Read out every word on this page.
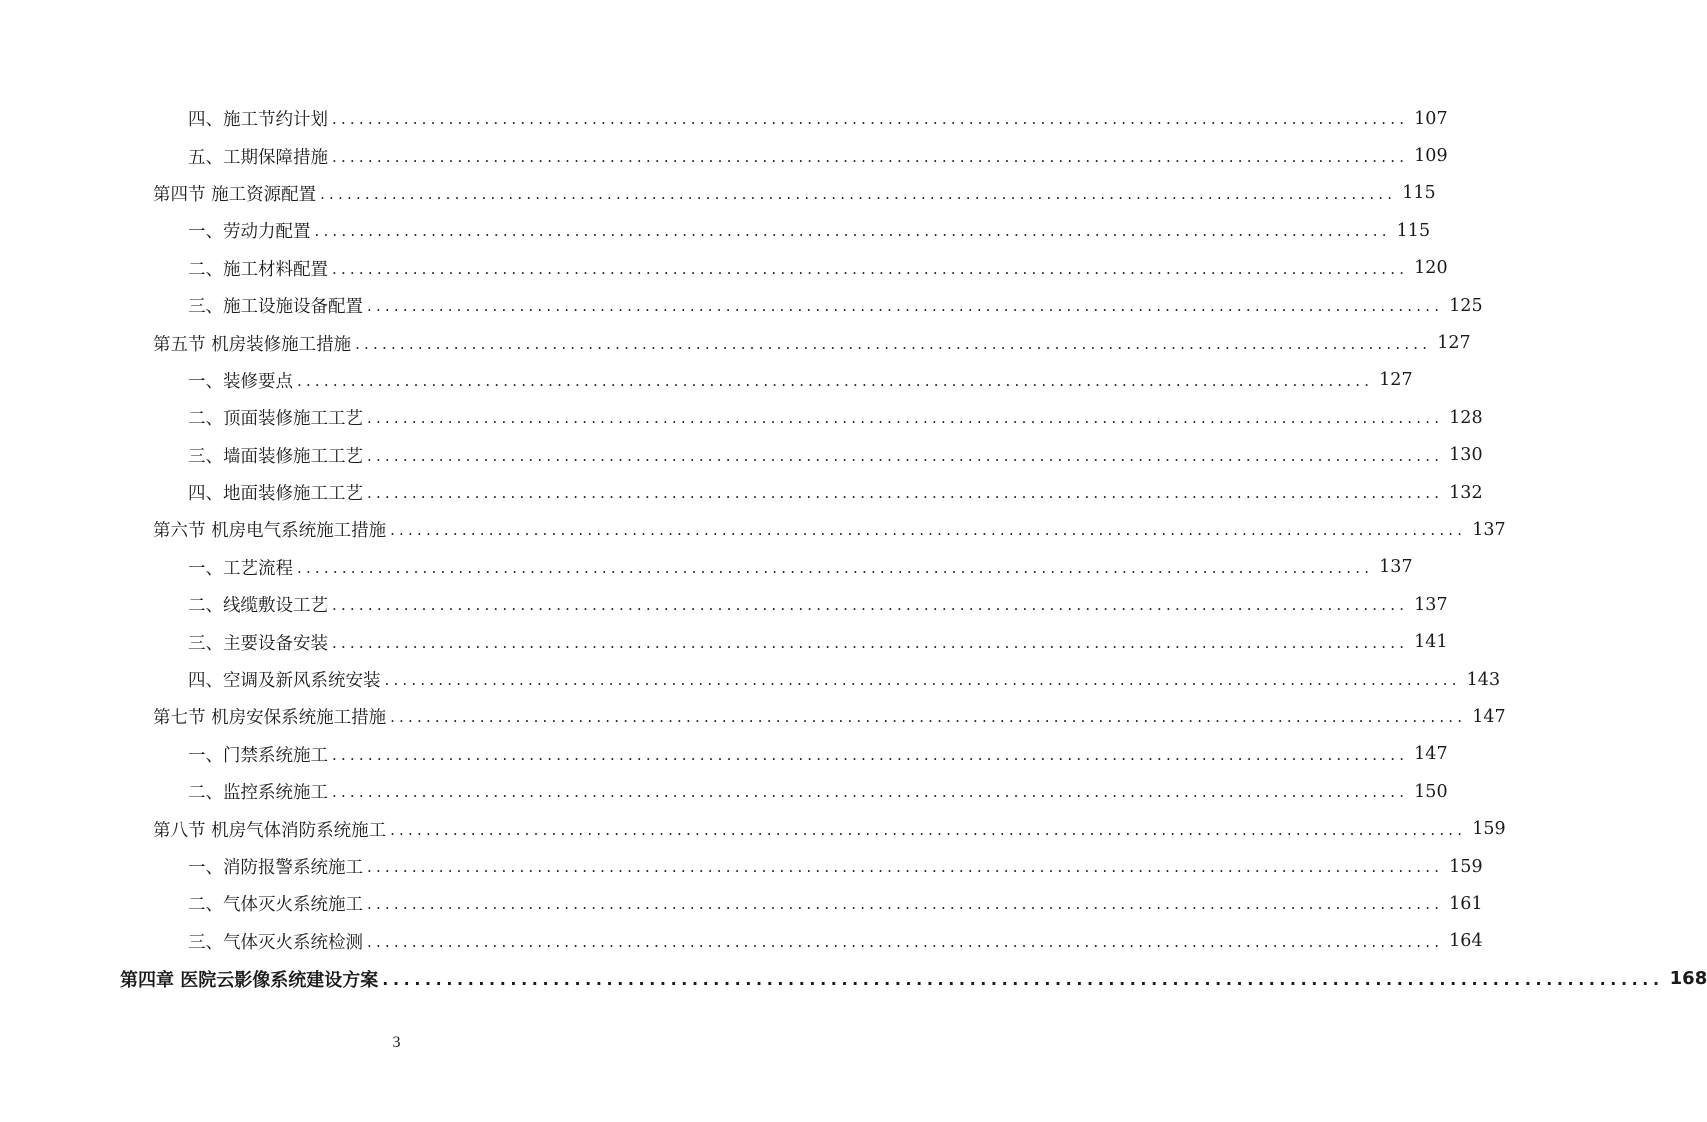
四、 施工节约计划 ........................................................................................................................ 107
五、 工期保障措施 ........................................................................................................................ 109
第四节 施工资源配置 ........................................................................................................................ 115
一、 劳动力配置 ........................................................................................................................ 115
二、 施工材料配置 ........................................................................................................................ 120
三、 施工设施设备配置 ........................................................................................................................ 125
第五节 机房装修施工措施 ........................................................................................................................ 127
一、 装修要点 ........................................................................................................................ 127
二、 顶面装修施工工艺 ........................................................................................................................ 128
三、 墙面装修施工工艺 ........................................................................................................................ 130
四、 地面装修施工工艺 ........................................................................................................................ 132
第六节 机房电气系统施工措施 ........................................................................................................................ 137
一、 工艺流程 ........................................................................................................................ 137
二、 线缆敷设工艺 ........................................................................................................................ 137
三、 主要设备安装 ........................................................................................................................ 141
四、 空调及新风系统安装 ........................................................................................................................ 143
第七节 机房安保系统施工措施 ........................................................................................................................ 147
一、 门禁系统施工 ........................................................................................................................ 147
二、 监控系统施工 ........................................................................................................................ 150
第八节 机房气体消防系统施工 ........................................................................................................................ 159
一、 消防报警系统施工 ........................................................................................................................ 159
二、 气体灭火系统施工 ........................................................................................................................ 161
三、 气体灭火系统检测 ........................................................................................................................ 164
第四章 医院云影像系统建设方案 ........................................................................................................................ 168
3
